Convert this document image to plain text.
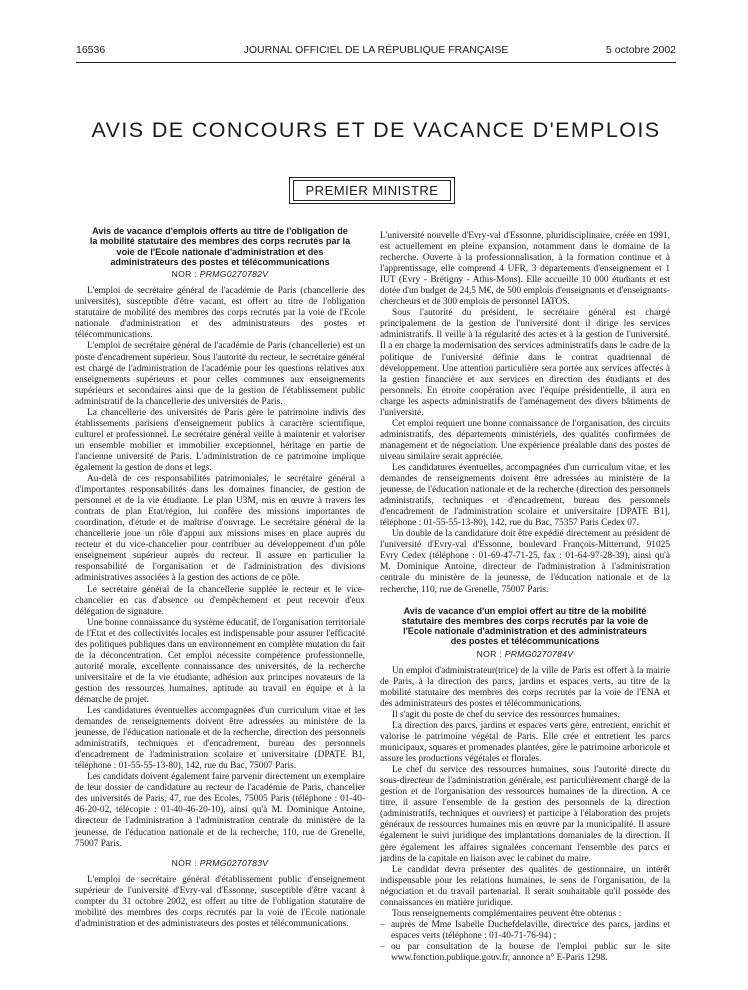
16536	JOURNAL OFFICIEL DE LA RÉPUBLIQUE FRANÇAISE	5 octobre 2002
AVIS DE CONCOURS ET DE VACANCE D'EMPLOIS
PREMIER MINISTRE
Avis de vacance d'emplois offerts au titre de l'obligation de la mobilité statutaire des membres des corps recrutés par la voie de l'Ecole nationale d'administration et des administrateurs des postes et télécommunications
NOR : PRMG0270782V

L'emploi de secrétaire général de l'académie de Paris (chancellerie des universités), susceptible d'être vacant, est offert au titre de l'obligation statutaire de mobilité des membres des corps recrutés par la voie de l'Ecole nationale d'administration et des administrateurs des postes et télécommunications.

L'emploi de secrétaire général de l'académie de Paris (chancellerie) est un poste d'encadrement supérieur. Sous l'autorité du recteur, le secrétaire général est chargé de l'administration de l'académie pour les questions relatives aux enseignements supérieurs et pour celles communes aux enseignements supérieurs et secondaires ainsi que de la gestion de l'établissement public administratif de la chancellerie des universités de Paris.

La chancellerie des universités de Paris gère le patrimoine indivis des établissements parisiens d'enseignement publics à caractère scientifique, culturel et professionnel. Le secrétaire général veille à maintenir et valoriser un ensemble mobilier et immobilier exceptionnel, héritage en partie de l'ancienne université de Paris. L'administration de ce patrimoine implique également la gestion de dons et legs.

Au-delà de ces responsabilités patrimoniales, le secrétaire général a d'importantes responsabilités dans les domaines financier, de gestion de personnel et de la vie étudiante. Le plan U3M, mis en œuvre à travers les contrats de plan Etat/région, lui confère des missions importantes de coordination, d'étude et de maîtrise d'ouvrage. Le secrétaire général de la chancellerie joue un rôle d'appui aux missions mises en place auprès du recteur et du vice-chancelier pour contribuer au développement d'un pôle enseignement supérieur auprès du recteur. Il assure en particulier la responsabilité de l'organisation et de l'administration des divisions administratives associées à la gestion des actions de ce pôle.

Le secrétaire général de la chancellerie supplée le recteur et le vice-chancelier en cas d'absence ou d'empêchement et peut recevoir d'eux délégation de signature.

Une bonne connaissance du système éducatif, de l'organisation territoriale de l'Etat et des collectivités locales est indispensable pour assurer l'efficacité des politiques publiques dans un environnement en complète mutation du fait de la déconcentration. Cet emploi nécessite compétence professionnelle, autorité morale, excellente connaissance des universités, de la recherche universitaire et de la vie étudiante, adhésion aux principes novateurs de la gestion des ressources humaines, aptitude au travail en équipe et à la démarche de projet.

Les candidatures éventuelles accompagnées d'un curriculum vitae et les demandes de renseignements doivent être adressées au ministère de la jeunesse, de l'éducation nationale et de la recherche, direction des personnels administratifs, techniques et d'encadrement, bureau des personnels d'encadrement de l'administration scolaire et universitaire (DPATE B1, téléphone : 01-55-55-13-80), 142, rue du Bac, 75007 Paris.

Les candidats doivent également faire parvenir directement un exemplaire de leur dossier de candidature au recteur de l'académie de Paris, chancelier des universités de Paris, 47, rue des Ecoles, 75005 Paris (téléphone : 01-40-46-20-02, télécopie : 01-40-46-20-10), ainsi qu'à M. Dominique Antoine, directeur de l'administration à l'administration centrale du ministère de la jeunesse, de l'éducation nationale et de la recherche, 110, rue de Grenelle, 75007 Paris.

NOR : PRMG0270783V

L'emploi de secrétaire général d'établissement public d'enseignement supérieur de l'université d'Evry-val d'Essonne, susceptible d'être vacant à compter du 31 octobre 2002, est offert au titre de l'obligation statutaire de mobilité des membres des corps recrutés par la voie de l'Ecole nationale d'administration et des administrateurs des postes et télécommunications.

L'université nouvelle d'Evry-val d'Essonne, pluridisciplinaire, créée en 1991, est actuellement en pleine expansion, notamment dans le domaine de la recherche. Ouverte à la professionnalisation, à la formation continue et à l'apprentissage, elle comprend 4 UFR, 3 départements d'enseignement et 1 IUT (Evry - Brétigny - Athis-Mons). Elle accueille 10 000 étudiants et est dotée d'un budget de 24,5 M€, de 500 emplois d'enseignants et d'enseignants-chercheurs et de 300 emplois de personnel IATOS.

Sous l'autorité du président, le secrétaire général est chargé principalement de la gestion de l'université dont il dirige les services administratifs. Il veille à la régularité des actes et à la gestion de l'université. Il a en charge la modernisation des services administratifs dans le cadre de la politique de l'université définie dans le contrat quadriennal de développement. Une attention particulière sera portée aux services affectés à la gestion financière et aux services en direction des étudiants et des personnels. En étroite coopération avec l'équipe présidentielle, il aura en charge les aspects administratifs de l'aménagement des divers bâtiments de l'université.

Cet emploi requiert une bonne connaissance de l'organisation, des circuits administratifs, des départements ministériels, des qualités confirmées de management et de négociation. Une expérience préalable dans des postes de niveau similaire serait appréciée.

Les candidatures éventuelles, accompagnées d'un curriculum vitae, et les demandes de renseignements doivent être adressées au ministère de la jeunesse, de l'éducation nationale et de la recherche (direction des personnels administratifs, techniques et d'encadrement, bureau des personnels d'encadrement de l'administration scolaire et universitaire [DPATE B1], téléphone : 01-55-55-13-80), 142, rue du Bac, 75357 Paris Cedex 07.

Un double de la candidature doit être expédié directement au président de l'université d'Evry-val d'Essonne, boulevard François-Mitterrand, 91025 Evry Cedex (téléphone : 01-69-47-71-25, fax : 01-64-97-28-39), ainsi qu'à M. Dominique Antoine, directeur de l'administration à l'administration centrale du ministère de la jeunesse, de l'éducation nationale et de la recherche, 110, rue de Grenelle, 75007 Paris.

Avis de vacance d'un emploi offert au titre de la mobilité statutaire des membres des corps recrutés par la voie de l'Ecole nationale d'administration et des administrateurs des postes et télécommunications
NOR : PRMG0270784V

Un emploi d'administrateur(trice) de la ville de Paris est offert à la mairie de Paris, à la direction des parcs, jardins et espaces verts, au titre de la mobilité statutaire des membres des corps recrutés par la voie de l'ENA et des administrateurs des postes et télécommunications.

Il s'agit du poste de chef du service des ressources humaines.

La direction des parcs, jardins et espaces verts gère, entretient, enrichit et valorise le patrimoine végétal de Paris. Elle crée et entretient les parcs municipaux, squares et promenades plantées, gère le patrimoine arboricole et assure les productions végétales et florales.

Le chef du service des ressources humaines, sous l'autorité directe du sous-directeur de l'administration générale, est particulièrement chargé de la gestion et de l'organisation des ressources humaines de la direction. A ce titre, il assure l'ensemble de la gestion des personnels de la direction (administratifs, techniques et ouvriers) et participe à l'élaboration des projets généraux de ressources humaines mis en œuvre par la municipalité. Il assure également le suivi juridique des implantations domaniales de la direction. Il gère également les affaires signalées concernant l'ensemble des parcs et jardins de la capitale en liaison avec le cabinet du maire.

Le candidat devra présenter des qualités de gestionnaire, un intérêt indispensable pour les relations humaines, le sens de l'organisation, de la négociation et du travail partenarial. Il serait souhaitable qu'il possède des connaissances en matière juridique.

Tous renseignements complémentaires peuvent être obtenus :

– auprès de Mme Isabelle Duchefdelaville, directrice des parcs, jardins et espaces verts (téléphone : 01-40-71-76-94) ;
– ou par consultation de la bourse de l'emploi public sur le site www.fonction.publique.gouv.fr, annonce n° E-Paris 1298.
